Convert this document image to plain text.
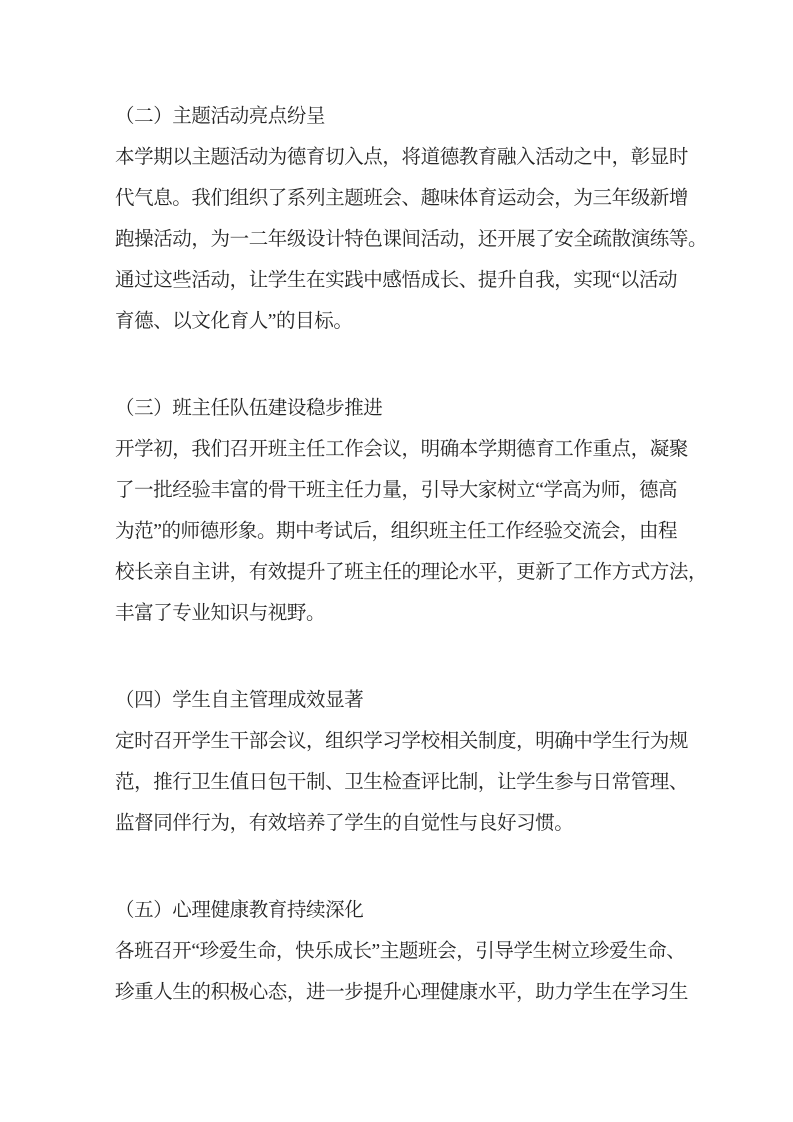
（二）主题活动亮点纷呈
本学期以主题活动为德育切入点，将道德教育融入活动之中，彰显时
代气息。我们组织了系列主题班会、趣味体育运动会，为三年级新增
跑操活动，为一二年级设计特色课间活动，还开展了安全疏散演练等。
通过这些活动，让学生在实践中感悟成长、提升自我，实现“以活动
育德、以文化育人”的目标。
（三）班主任队伍建设稳步推进
开学初，我们召开班主任工作会议，明确本学期德育工作重点，凝聚
了一批经验丰富的骨干班主任力量，引导大家树立“学高为师，德高
为范”的师德形象。期中考试后，组织班主任工作经验交流会，由程
校长亲自主讲，有效提升了班主任的理论水平，更新了工作方式方法，
丰富了专业知识与视野。
（四）学生自主管理成效显著
定时召开学生干部会议，组织学习学校相关制度，明确中学生行为规
范，推行卫生值日包干制、卫生检查评比制，让学生参与日常管理、
监督同伴行为，有效培养了学生的自觉性与良好习惯。
（五）心理健康教育持续深化
各班召开“珍爱生命，快乐成长”主题班会，引导学生树立珍爱生命、
珍重人生的积极心态，进一步提升心理健康水平，助力学生在学习生
